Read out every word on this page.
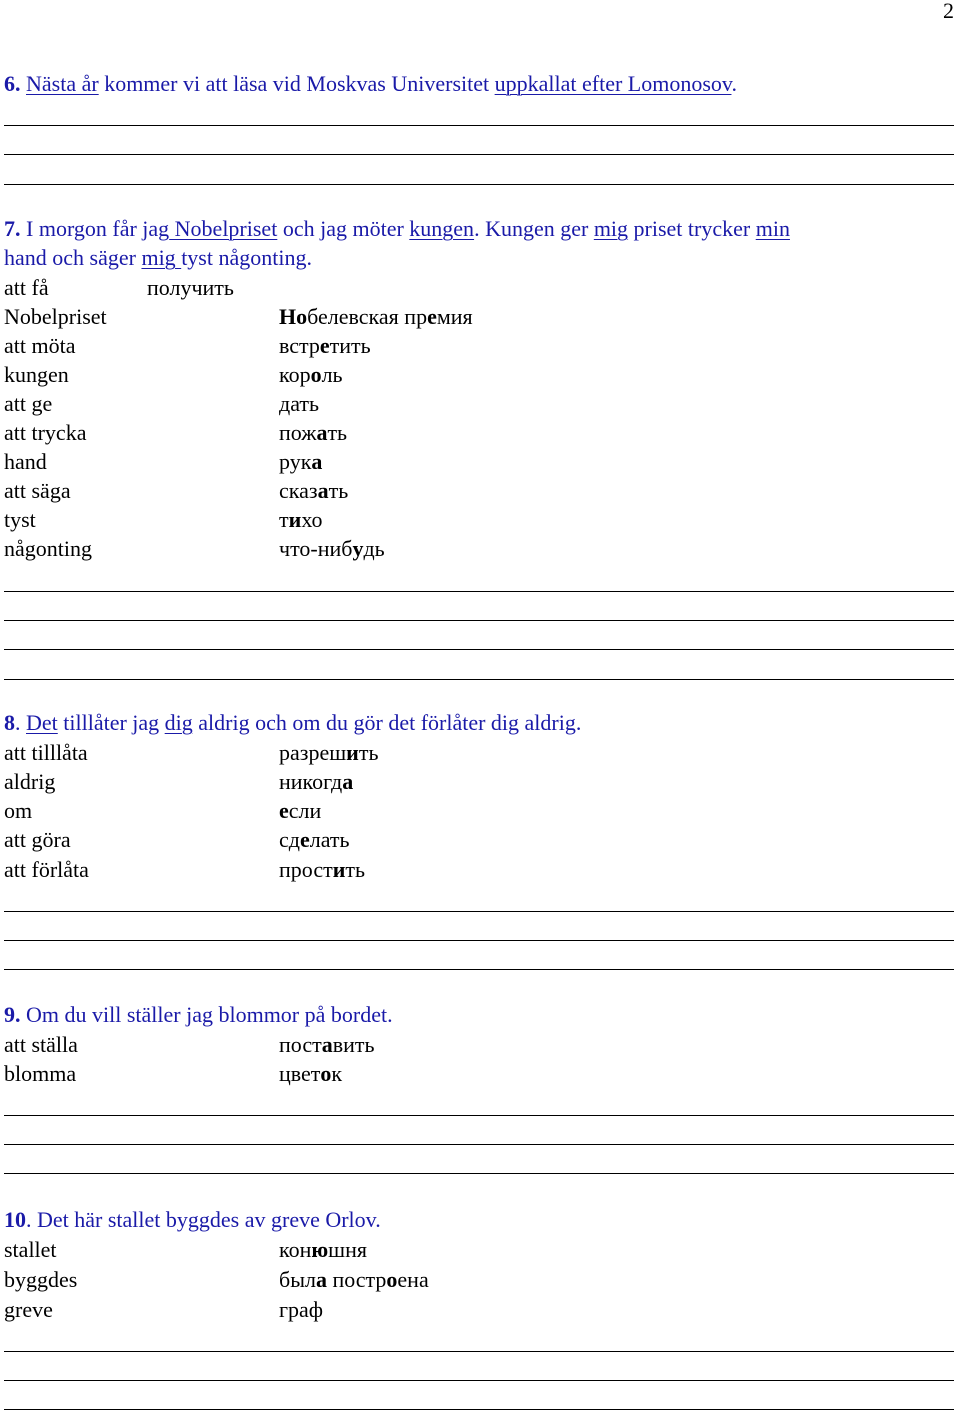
2
6. Nästa år kommer vi att läsa vid Moskvas Universitet uppkallat efter Lomonosov.
7. I morgon får jag Nobelpriset och jag möter kungen. Kungen ger mig priset trycker min
hand och säger mig tyst någonting.
att få	получить
Nobelpriset	Нобелевская премия
att möta	встретить
kungen	король
att ge	дать
att trycka	пожать
hand	рука
att säga	сказать
tyst	тихо
någonting	что-нибудь
8. Det tilllåter jag dig aldrig och om du gör det förlåter dig aldrig.
att tilllåta	разрешить
aldrig	никогда
om	если
att göra	сделать
att förlåta	простить
9. Om du vill ställer jag blommor på bordet.
att ställa	поставить
blomma	цветок
10. Det här stallet byggdes av greve Orlov.
stallet	конюшня
byggdes	была построена
greve	граф
